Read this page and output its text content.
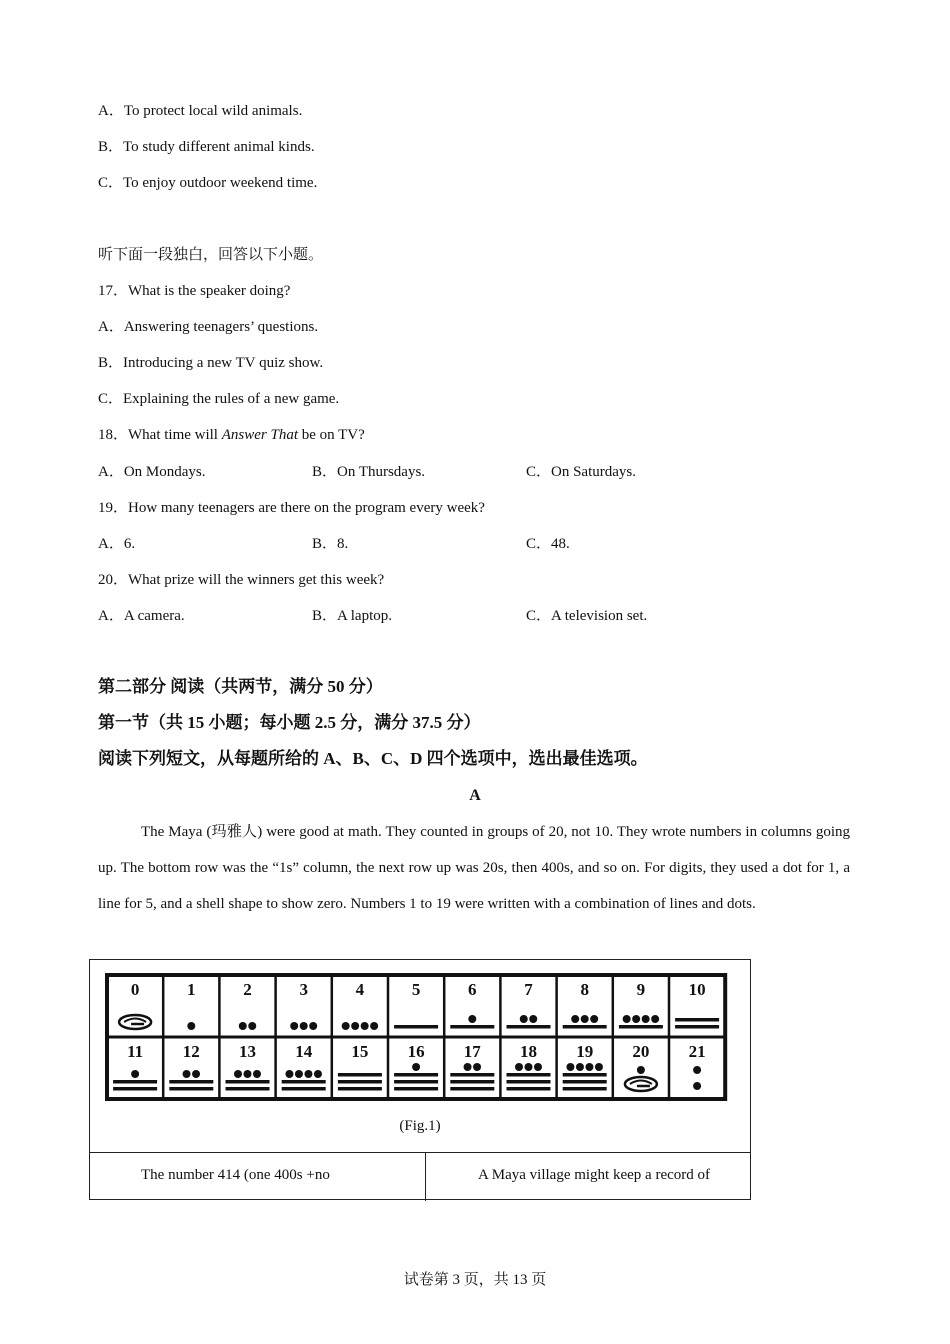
A．To protect local wild animals.
B．To study different animal kinds.
C．To enjoy outdoor weekend time.
听下面一段独白，回答以下小题。
17．What is the speaker doing?
A．Answering teenagers’ questions.
B．Introducing a new TV quiz show.
C．Explaining the rules of a new game.
18．What time will Answer That be on TV?
A．On Mondays.	B．On Thursdays.	C．On Saturdays.
19．How many teenagers are there on the program every week?
A．6.	B．8.	C．48.
20．What prize will the winners get this week?
A．A camera.	B．A laptop.	C．A television set.
第二部分 阅读（共两节，满分 50 分）
第一节（共 15 小题；每小题 2.5 分，满分 37.5 分）
阅读下列短文，从每题所给的 A、B、C、D 四个选项中，选出最佳选项。
A
The Maya (玛雅人) were good at math. They counted in groups of 20, not 10. They wrote numbers in columns going up. The bottom row was the “1s” column, the next row up was 20s, then 400s, and so on. For digits, they used a dot for 1, a line for 5, and a shell shape to show zero. Numbers 1 to 19 were written with a combination of lines and dots.
0	1	2	3	4	5	6	7	8	9	10
11 12 13 14 15 16 17 18 19 20 21
(Fig.1)
The number 414 (one 400s +no	A Maya village might keep a record of
试卷第 3 页，共 13 页
